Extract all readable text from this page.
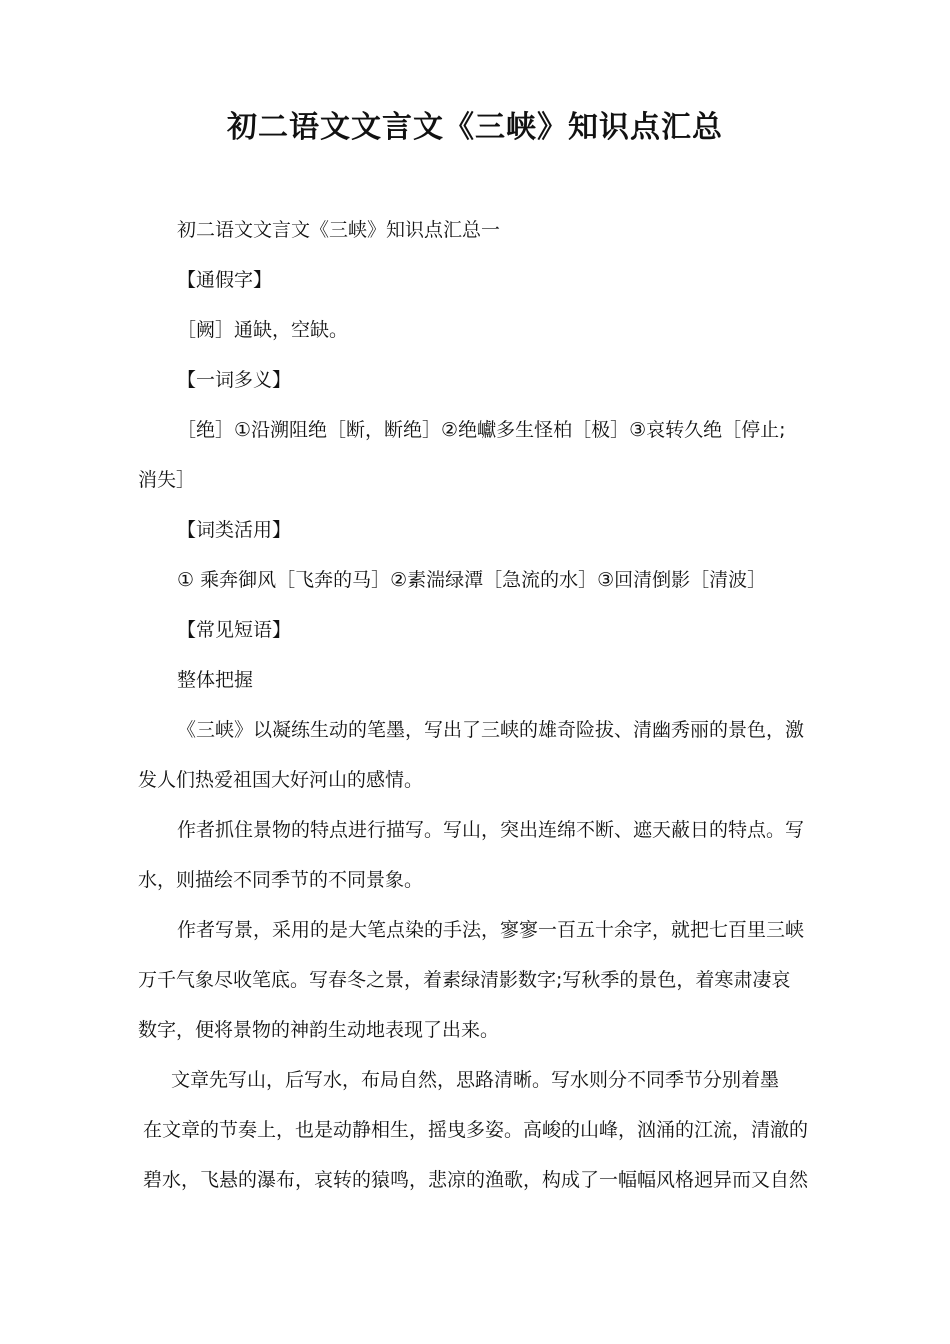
初二语文文言文《三峡》知识点汇总

初二语文文言文《三峡》知识点汇总一

【通假字】

［阙］通缺，空缺。

【一词多义】

［绝］①沿溯阻绝［断，断绝］②绝巘多生怪柏［极］③哀转久绝［停止;

消失］

【词类活用】

① 乘奔御风［飞奔的马］②素湍绿潭［急流的水］③回清倒影［清波］

【常见短语】

整体把握

《三峡》以凝练生动的笔墨，写出了三峡的雄奇险拔、清幽秀丽的景色，激

发人们热爱祖国大好河山的感情。

作者抓住景物的特点进行描写。写山，突出连绵不断、遮天蔽日的特点。写

水，则描绘不同季节的不同景象。

作者写景，采用的是大笔点染的手法，寥寥一百五十余字，就把七百里三峡

万千气象尽收笔底。写春冬之景，着素绿清影数字;写秋季的景色，着寒肃凄哀

数字，便将景物的神韵生动地表现了出来。

文章先写山，后写水，布局自然，思路清晰。写水则分不同季节分别着墨

在文章的节奏上，也是动静相生，摇曳多姿。高峻的山峰，汹涌的江流，清澈的

碧水，飞悬的瀑布，哀转的猿鸣，悲凉的渔歌，构成了一幅幅风格迥异而又自然
